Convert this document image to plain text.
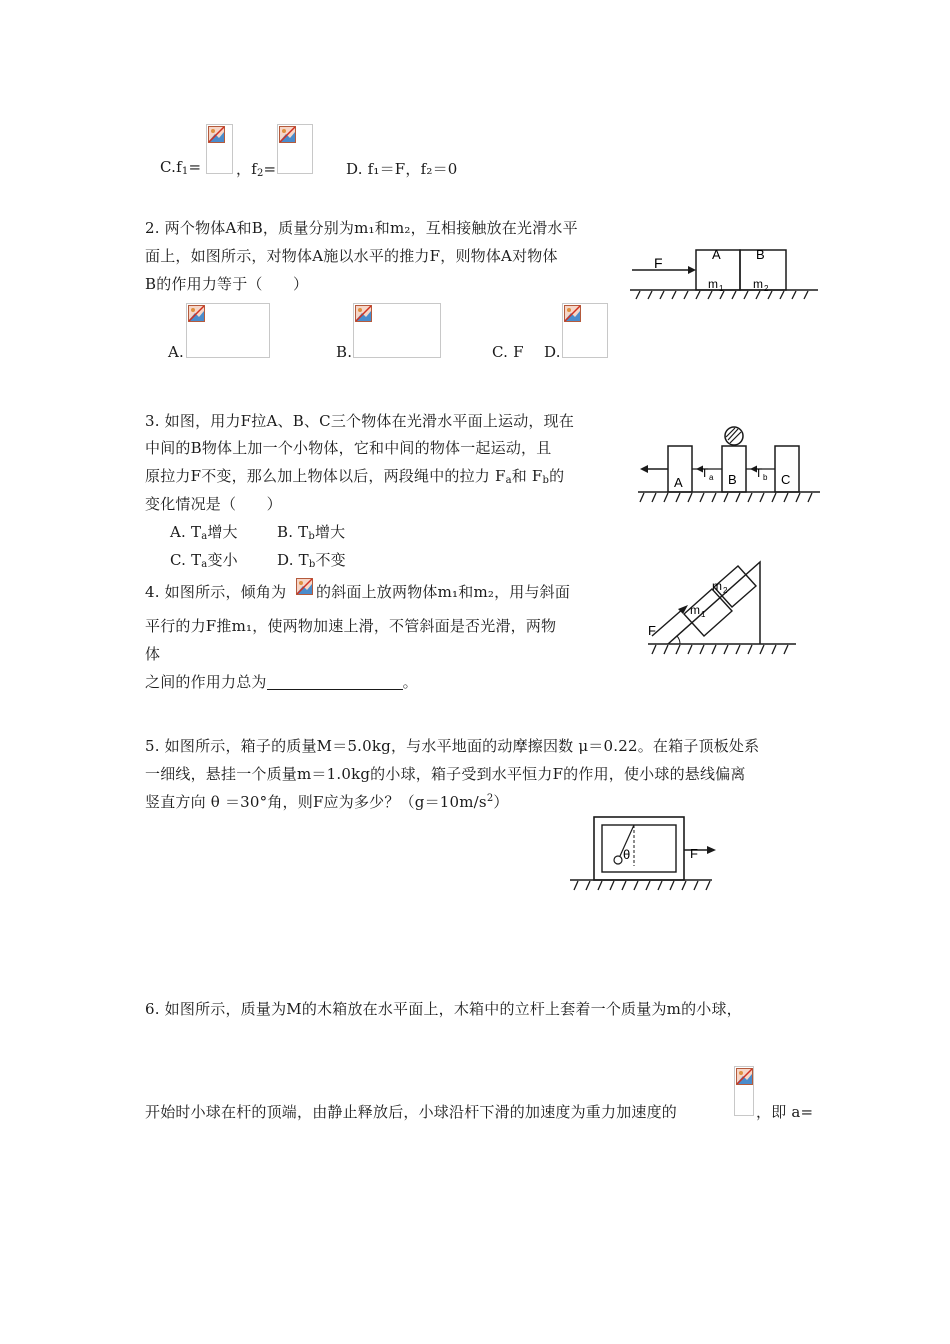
$C.f_1=$ ，$f_2=$	D. f₁＝F，f₂＝0
2. 两个物体A和B，质量分别为m₁和m₂，互相接触放在光滑水平
面上，如图所示，对物体A施以水平的推力F，则物体A对物体
B的作用力等于（　　）
F
A	B
m 1 m 2
A.	B.	C. F D.
3. 如图，用力F拉A、B、C三个物体在光滑水平面上运动，现在
中间的B物体上加一个小物体，它和中间的物体一起运动，且
原拉力F不变，那么加上物体以后，两段绳中的拉力 $F_a$和 $F_b$的
变化情况是（　　）
A. $T_a$增大	B. $T_b$增大
C. $T_a$变小	D. $T_b$不变
A	B	C
T a	T b
4. 如图所示，倾角为 的斜面上放两物体m₁和m₂，用与斜面
平行的力F推m₁，使两物加速上滑，不管斜面是否光滑，两物
体
之间的作用力总为	。
F
m 1
m 2
5. 如图所示，箱子的质量M＝5.0kg，与水平地面的动摩擦因数 μ＝0.22。在箱子顶板处系
一细线，悬挂一个质量m＝1.0kg的小球，箱子受到水平恒力F的作用，使小球的悬线偏离
竖直方向 θ ＝30°角，则F应为多少？$(g=10m/s^2)$
θ	F
6. 如图所示，质量为M的木箱放在水平面上，木箱中的立杆上套着一个质量为m的小球，
开始时小球在杆的顶端，由静止释放后，小球沿杆下滑的加速度为重力加速度的	，即 a=
